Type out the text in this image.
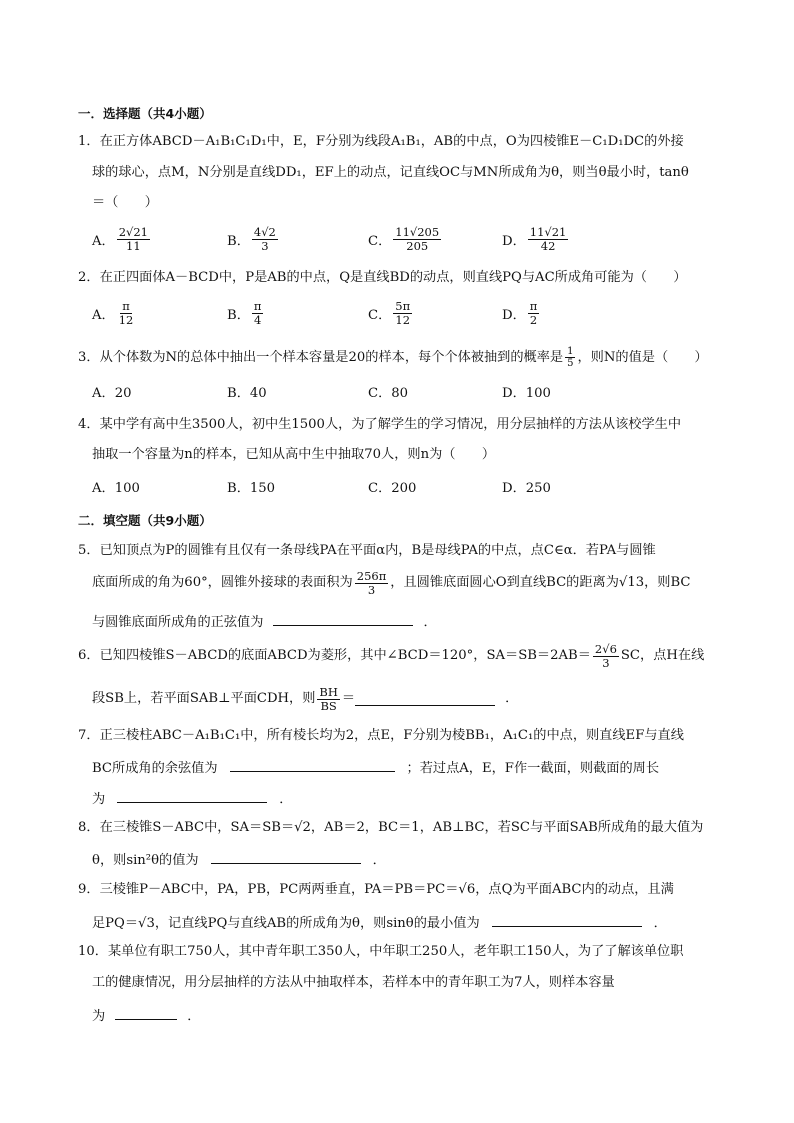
一．选择题（共4小题）
1．在正方体ABCD－A₁B₁C₁D₁中，E，F分别为线段A₁B₁，AB的中点，O为四棱锥E－C₁D₁DC的外接
球的球心，点M，N分别是直线DD₁，EF上的动点，记直线OC与MN所成角为θ，则当θ最小时，tanθ
＝（　　）
A． $\frac{2√21}{11}$	B． $\frac{4√2}{3}$	C． $\frac{11√205}{205}$	D． $\frac{11√21}{42}$
2．在正四面体A－BCD中，P是AB的中点，Q是直线BD的动点，则直线PQ与AC所成角可能为（　　）
A． $\frac{\pi}{12}$	B． $\frac{\pi}{4}$	C． $\frac{5\pi}{12}$	D． $\frac{\pi}{2}$
3．从个体数为N的总体中抽出一个样本容量是20的样本，每个个体被抽到的概率是 $\frac{1}{5}$ ，则N的值是（　　）
A．20	B．40	C．80	D．100
4．某中学有高中生3500人，初中生1500人，为了解学生的学习情况，用分层抽样的方法从该校学生中
抽取一个容量为n的样本，已知从高中生中抽取70人，则n为（　　）
A．100	B．150	C．200	D．250
二．填空题（共9小题）
5．已知顶点为P的圆锥有且仅有一条母线PA在平面α内，B是母线PA的中点，点C∈α．若PA与圆锥
底面所成的角为60°，圆锥外接球的表面积为 $\frac{256\pi}{3}$ ，且圆锥底面圆心O到直线BC的距离为√13，则BC
与圆锥底面所成角的正弦值为	．
6．已知四棱锥S－ABCD的底面ABCD为菱形，其中∠BCD＝120°，$SA=SB=2AB= \frac{2√6}{3}$ SC，点H在线
段SB上，若平面SAB⊥平面CDH，则 $\frac{BH}{BS}$ ＝	．
7．正三棱柱ABC－A₁B₁C₁中，所有棱长均为2，点E，F分别为棱BB₁，A₁C₁的中点，则直线EF与直线
BC所成角的余弦值为	；若过点A，E，F作一截面，则截面的周长
为	．
8．在三棱锥S－ABC中，SA＝SB＝√2，AB＝2，BC＝1，AB⊥BC，若SC与平面SAB所成角的最大值为
θ，则sin²θ的值为	．
9．三棱锥P－ABC中，PA，PB，PC两两垂直，PA＝PB＝PC＝√6，点Q为平面ABC内的动点，且满
足PQ＝√3，记直线PQ与直线AB的所成角为θ，则sinθ的最小值为	．
10．某单位有职工750人，其中青年职工350人，中年职工250人，老年职工150人，为了了解该单位职
工的健康情况，用分层抽样的方法从中抽取样本，若样本中的青年职工为7人，则样本容量
为	．
